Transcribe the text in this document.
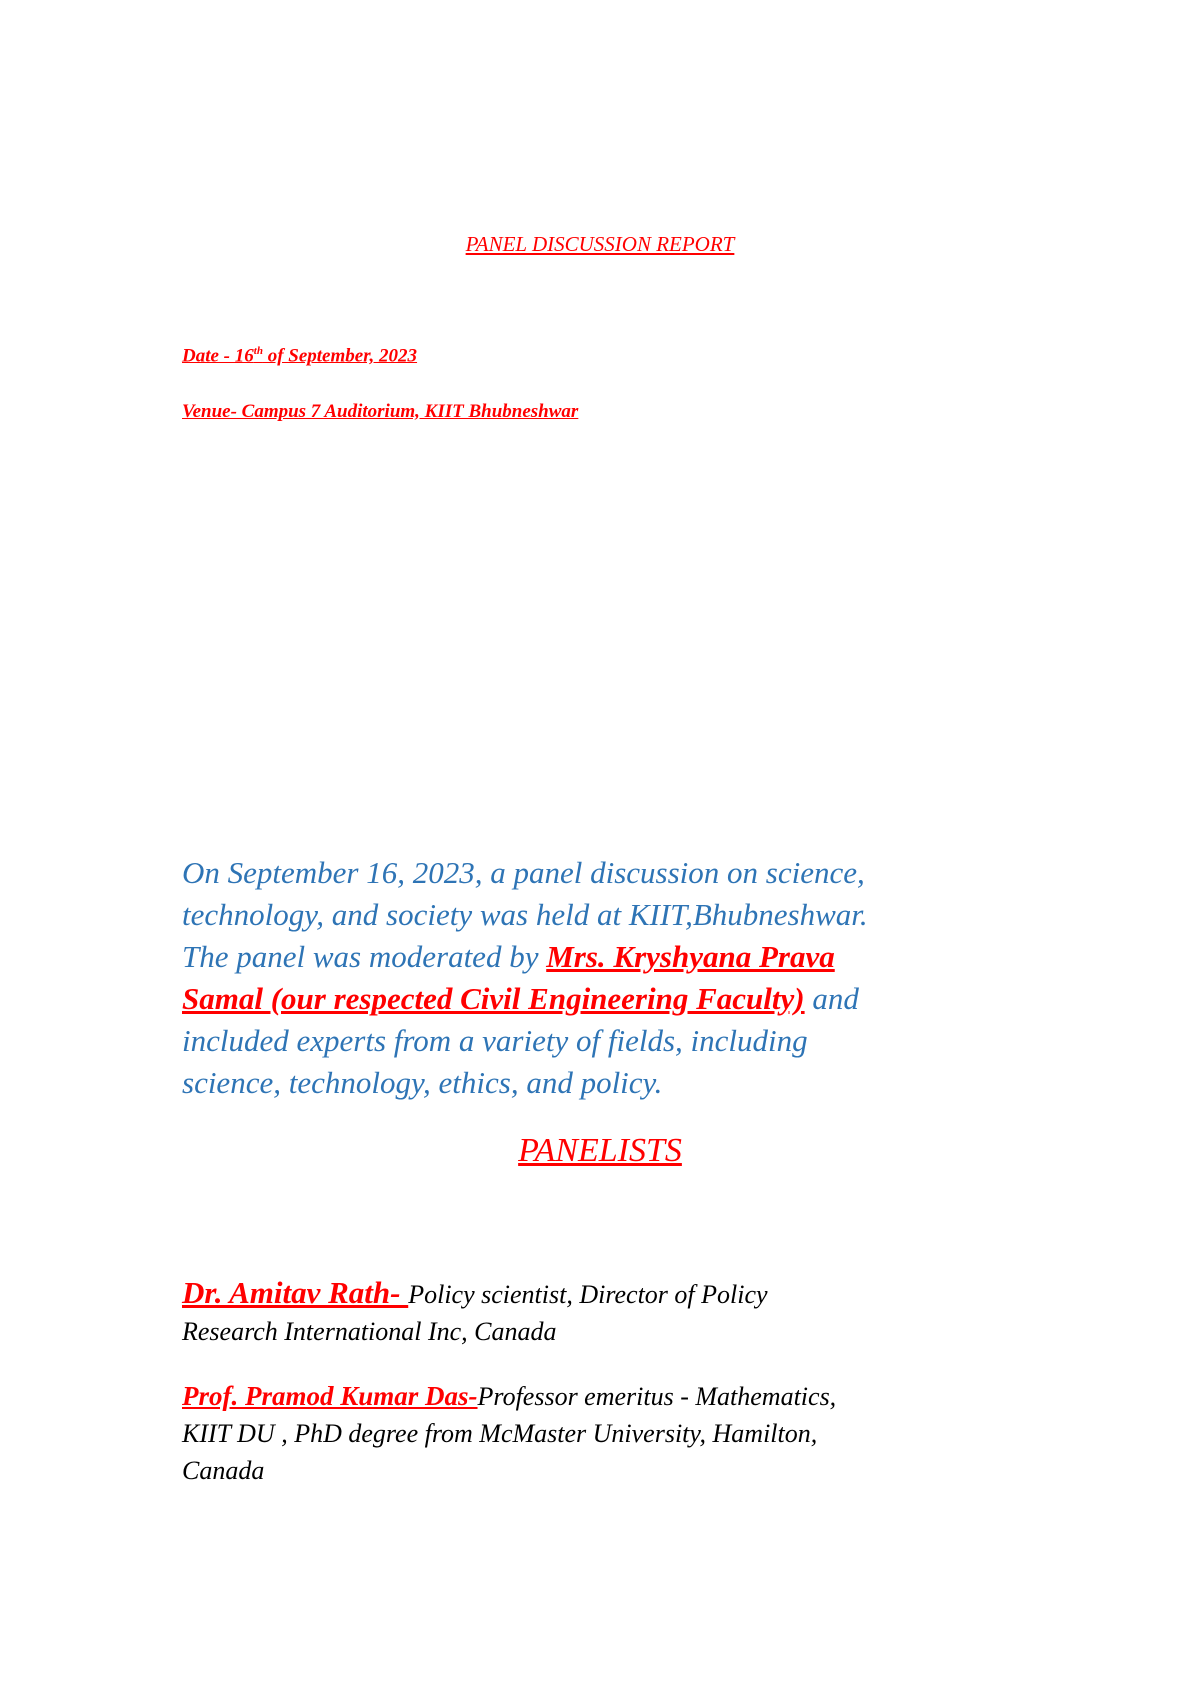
PANEL DISCUSSION REPORT
Date - 16th of September, 2023
Venue- Campus 7 Auditorium, KIIT Bhubneshwar
On September 16, 2023, a panel discussion on science,
technology, and society was held at KIIT,Bhubneshwar.
The panel was moderated by Mrs. Kryshyana Prava
Samal (our respected Civil Engineering Faculty) and
included experts from a variety of fields, including
science, technology, ethics, and policy.
PANELISTS
Dr. Amitav Rath- Policy scientist, Director of Policy
Research International Inc, Canada
Prof. Pramod Kumar Das-Professor emeritus - Mathematics,
KIIT DU , PhD degree from McMaster University, Hamilton,
Canada
